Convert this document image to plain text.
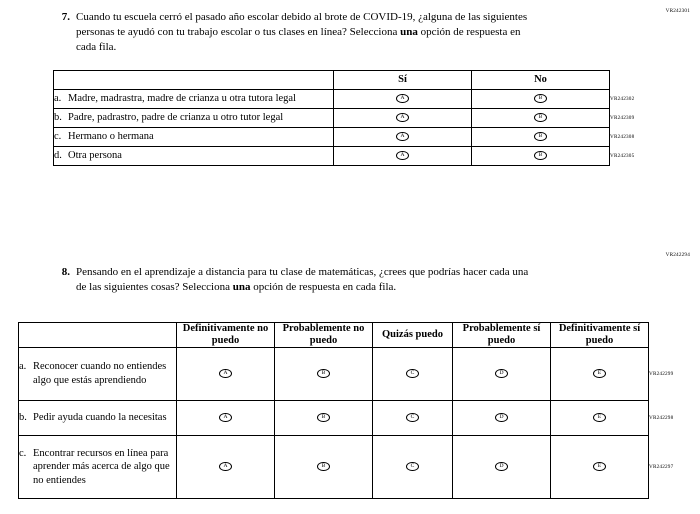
VR242301
7. Cuando tu escuela cerró el pasado año escolar debido al brote de COVID-19, ¿alguna de las siguientes personas te ayudó con tu trabajo escolar o tus clases en línea? Selecciona una opción de respuesta en cada fila.
	Sí	No	

a. Madre, madrastra, madre de crianza u otra tutora legal	A	B	VR242302

b. Padre, padrastro, padre de crianza u otro tutor legal	A	B	VR242309

c. Hermano o hermana	A	B	VR242308

d. Otra persona	A	B	VR242305
VR242294
8. Pensando en el aprendizaje a distancia para tu clase de matemáticas, ¿crees que podrías hacer cada una de las siguientes cosas? Selecciona una opción de respuesta en cada fila.
	Definitivamente no puedo	Probablemente no puedo	Quizás puedo	Probablemente sí puedo	Definitivamente sí puedo	

a. Reconocer cuando no entiendes algo que estás aprendiendo	A	B	C	D	E	VR242299

b. Pedir ayuda cuando la necesitas	A	B	C	D	E	VR242298

c. Encontrar recursos en línea para aprender más acerca de algo que no entiendes	A	B	C	D	E	VR242297
